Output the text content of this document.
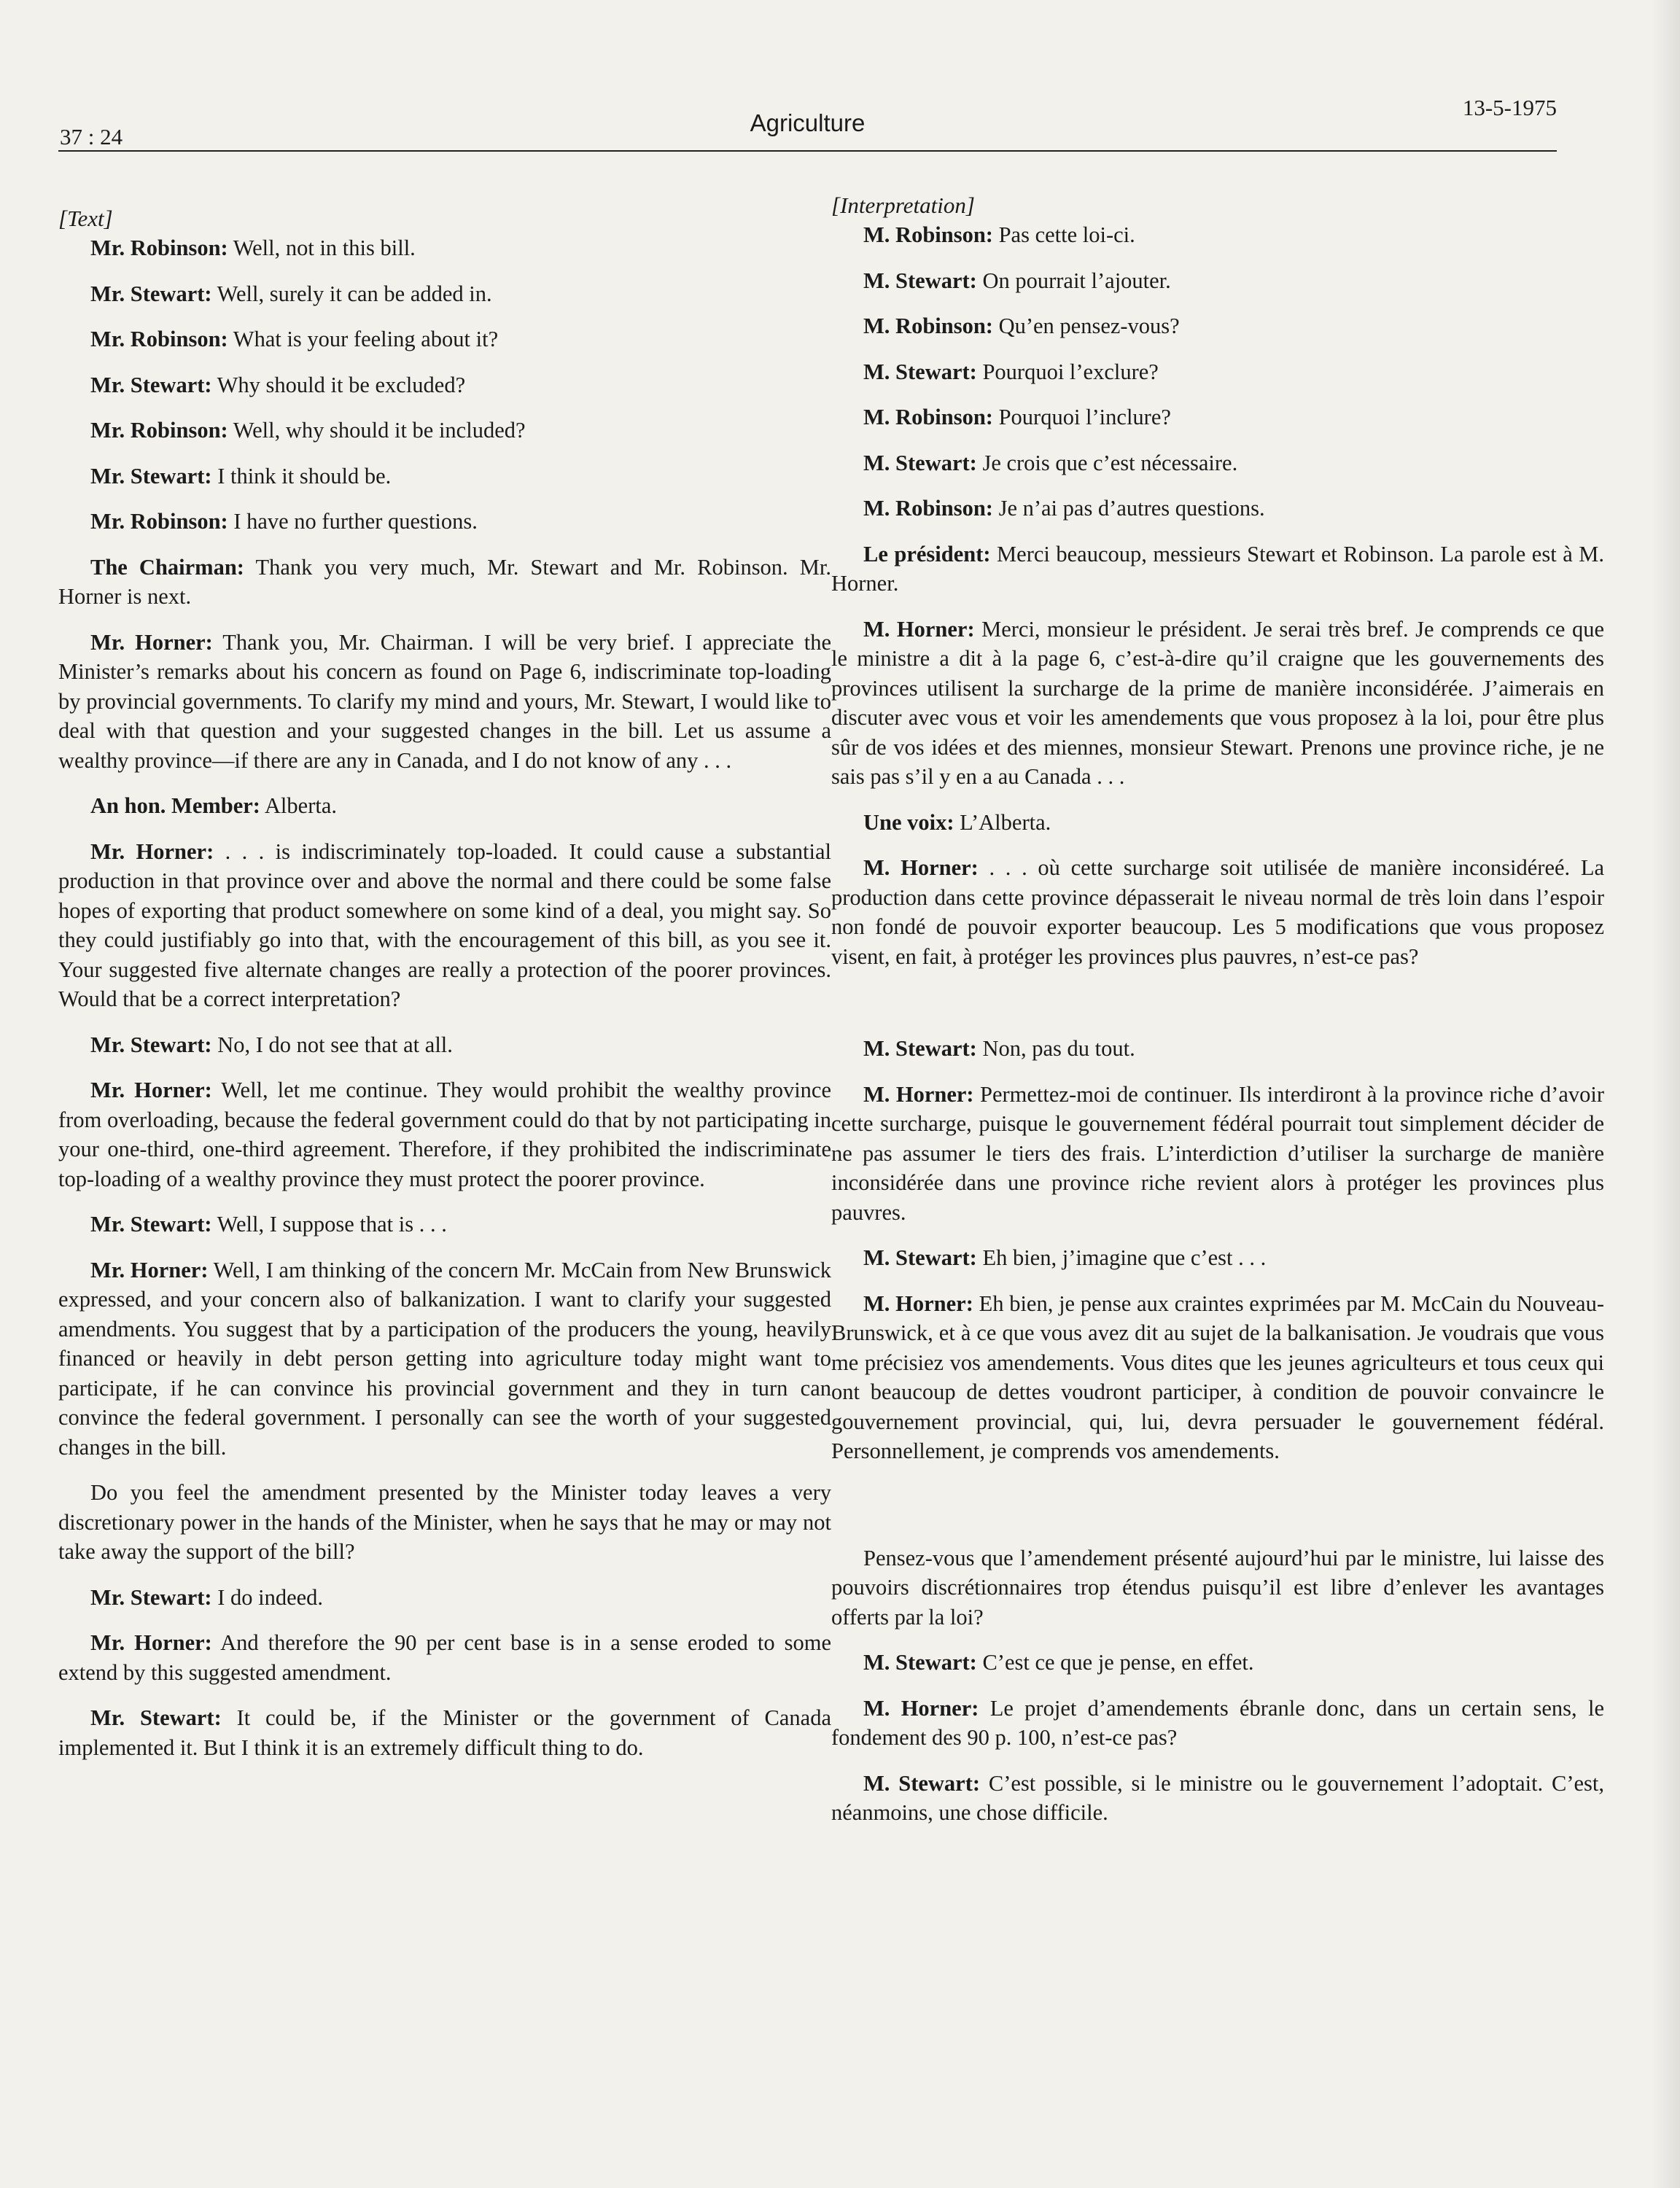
37 : 24
Agriculture
13-5-1975
[Text]

Mr. Robinson: Well, not in this bill.

Mr. Stewart: Well, surely it can be added in.

Mr. Robinson: What is your feeling about it?

Mr. Stewart: Why should it be excluded?

Mr. Robinson: Well, why should it be included?

Mr. Stewart: I think it should be.

Mr. Robinson: I have no further questions.

The Chairman: Thank you very much, Mr. Stewart and Mr. Robinson. Mr. Horner is next.

Mr. Horner: Thank you, Mr. Chairman. I will be very brief. I appreciate the Minister’s remarks about his concern as found on Page 6, indiscriminate top-loading by provincial governments. To clarify my mind and yours, Mr. Stewart, I would like to deal with that question and your suggested changes in the bill. Let us assume a wealthy province—if there are any in Canada, and I do not know of any . . .

An hon. Member: Alberta.

Mr. Horner: . . . is indiscriminately top-loaded. It could cause a substantial production in that province over and above the normal and there could be some false hopes of exporting that product somewhere on some kind of a deal, you might say. So they could justifiably go into that, with the encouragement of this bill, as you see it. Your suggested five alternate changes are really a protection of the poorer provinces. Would that be a correct interpretation?

Mr. Stewart: No, I do not see that at all.

Mr. Horner: Well, let me continue. They would prohibit the wealthy province from overloading, because the federal government could do that by not participating in your one-third, one-third agreement. Therefore, if they prohibited the indiscriminate top-loading of a wealthy province they must protect the poorer province.

Mr. Stewart: Well, I suppose that is . . .

Mr. Horner: Well, I am thinking of the concern Mr. McCain from New Brunswick expressed, and your concern also of balkanization. I want to clarify your suggested amendments. You suggest that by a participation of the producers the young, heavily financed or heavily in debt person getting into agriculture today might want to participate, if he can convince his provincial government and they in turn can convince the federal government. I personally can see the worth of your suggested changes in the bill.

Do you feel the amendment presented by the Minister today leaves a very discretionary power in the hands of the Minister, when he says that he may or may not take away the support of the bill?

Mr. Stewart: I do indeed.

Mr. Horner: And therefore the 90 per cent base is in a sense eroded to some extend by this suggested amendment.

Mr. Stewart: It could be, if the Minister or the government of Canada implemented it. But I think it is an extremely difficult thing to do.

[Interpretation]

M. Robinson: Pas cette loi-ci.

M. Stewart: On pourrait l’ajouter.

M. Robinson: Qu’en pensez-vous?

M. Stewart: Pourquoi l’exclure?

M. Robinson: Pourquoi l’inclure?

M. Stewart: Je crois que c’est nécessaire.

M. Robinson: Je n’ai pas d’autres questions.

Le président: Merci beaucoup, messieurs Stewart et Robinson. La parole est à M. Horner.

M. Horner: Merci, monsieur le président. Je serai très bref. Je comprends ce que le ministre a dit à la page 6, c’est-à-dire qu’il craigne que les gouvernements des provinces utilisent la surcharge de la prime de manière inconsidérée. J’aimerais en discuter avec vous et voir les amendements que vous proposez à la loi, pour être plus sûr de vos idées et des miennes, monsieur Stewart. Prenons une province riche, je ne sais pas s’il y en a au Canada . . .

Une voix: L’Alberta.

M. Horner: . . . où cette surcharge soit utilisée de manière inconsidéreé. La production dans cette province dépasserait le niveau normal de très loin dans l’espoir non fondé de pouvoir exporter beaucoup. Les 5 modifications que vous proposez visent, en fait, à protéger les provinces plus pauvres, n’est-ce pas?

M. Stewart: Non, pas du tout.

M. Horner: Permettez-moi de continuer. Ils interdiront à la province riche d’avoir cette surcharge, puisque le gouvernement fédéral pourrait tout simplement décider de ne pas assumer le tiers des frais. L’interdiction d’utiliser la surcharge de manière inconsidérée dans une province riche revient alors à protéger les provinces plus pauvres.

M. Stewart: Eh bien, j’imagine que c’est . . .

M. Horner: Eh bien, je pense aux craintes exprimées par M. McCain du Nouveau-Brunswick, et à ce que vous avez dit au sujet de la balkanisation. Je voudrais que vous me précisiez vos amendements. Vous dites que les jeunes agriculteurs et tous ceux qui ont beaucoup de dettes voudront participer, à condition de pouvoir convaincre le gouvernement provincial, qui, lui, devra persuader le gouvernement fédéral. Personnellement, je comprends vos amendements.

Pensez-vous que l’amendement présenté aujourd’hui par le ministre, lui laisse des pouvoirs discrétionnaires trop étendus puisqu’il est libre d’enlever les avantages offerts par la loi?

M. Stewart: C’est ce que je pense, en effet.

M. Horner: Le projet d’amendements ébranle donc, dans un certain sens, le fondement des 90 p. 100, n’est-ce pas?

M. Stewart: C’est possible, si le ministre ou le gouvernement l’adoptait. C’est, néanmoins, une chose difficile.
